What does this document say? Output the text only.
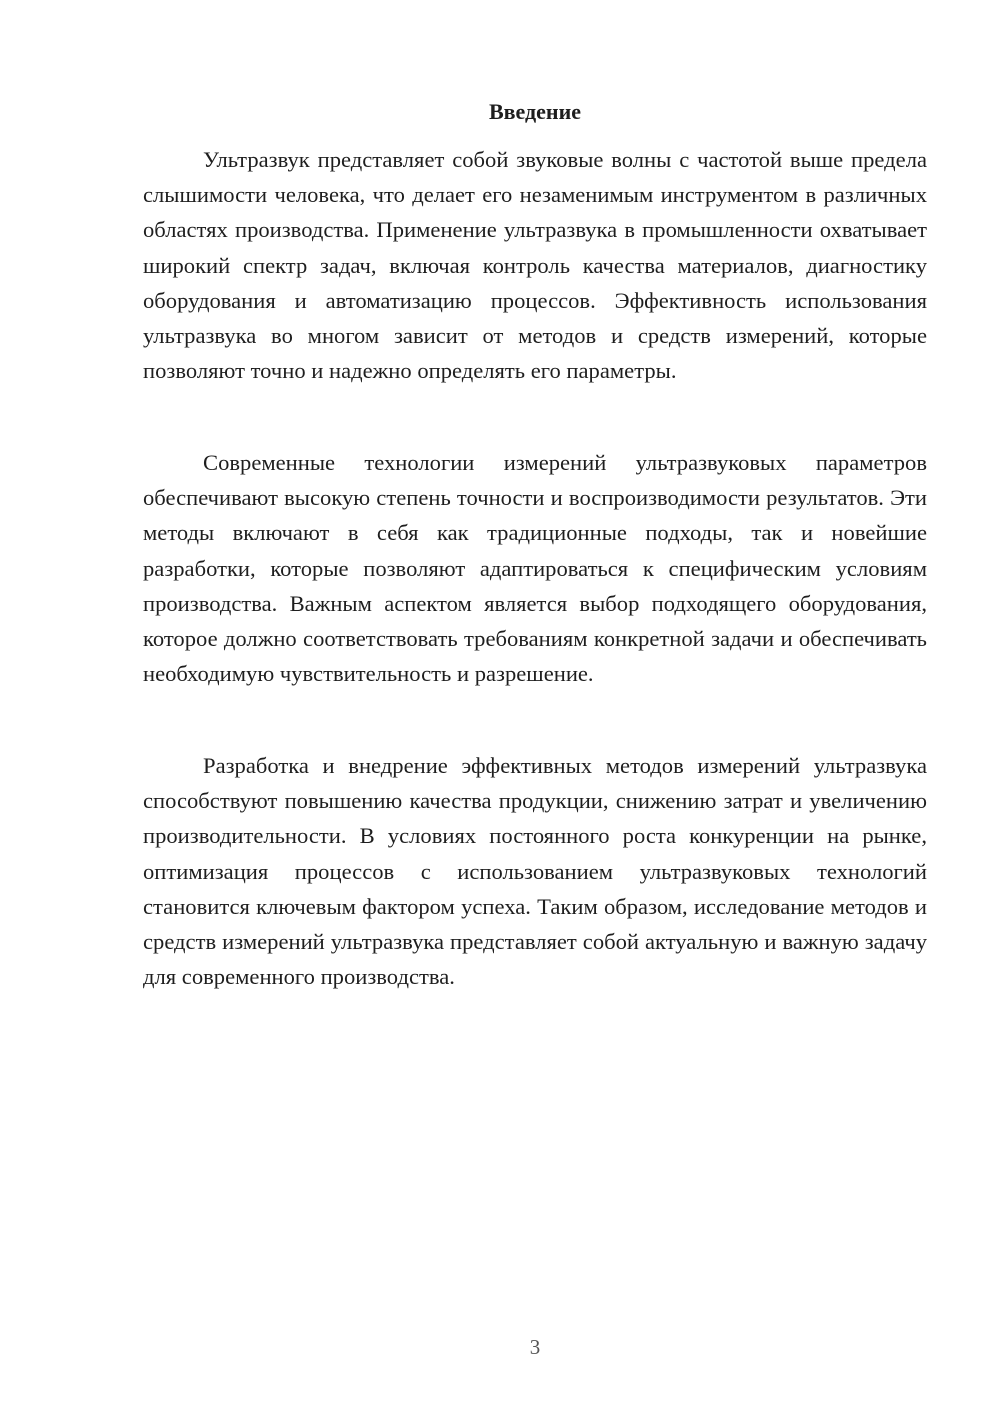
Введение

Ультразвук представляет собой звуковые волны с частотой выше предела слышимости человека, что делает его незаменимым инструментом в различных областях производства. Применение ультразвука в промышленности охватывает широкий спектр задач, включая контроль качества материалов, диагностику оборудования и автоматизацию процессов. Эффективность использования ультразвука во многом зависит от методов и средств измерений, которые позволяют точно и надежно определять его параметры.

Современные технологии измерений ультразвуковых параметров обеспечивают высокую степень точности и воспроизводимости результатов. Эти методы включают в себя как традиционные подходы, так и новейшие разработки, которые позволяют адаптироваться к специфическим условиям производства. Важным аспектом является выбор подходящего оборудования, которое должно соответствовать требованиям конкретной задачи и обеспечивать необходимую чувствительность и разрешение.

Разработка и внедрение эффективных методов измерений ультразвука способствуют повышению качества продукции, снижению затрат и увеличению производительности. В условиях постоянного роста конкуренции на рынке, оптимизация процессов с использованием ультразвуковых технологий становится ключевым фактором успеха. Таким образом, исследование методов и средств измерений ультразвука представляет собой актуальную и важную задачу для современного производства.

3
